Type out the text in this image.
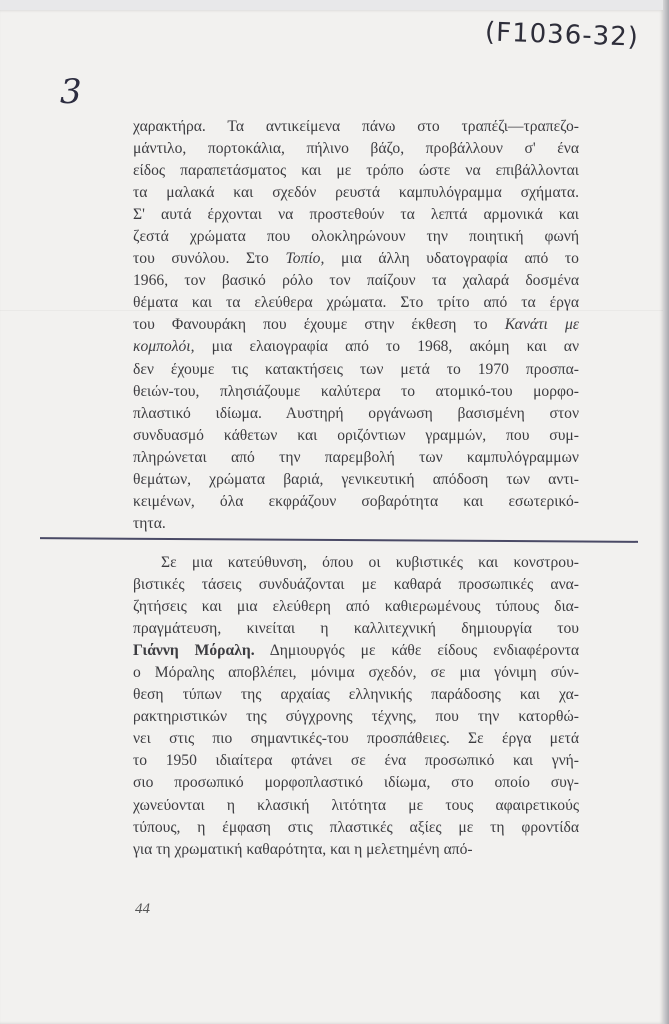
(F1036-32)
3
χαρακτήρα. Τα αντικείμενα πάνω στο τραπέζι—τραπεζο-
μάντιλο, πορτοκάλια, πήλινο βάζο, προβάλλουν σ' ένα
είδος παραπετάσματος και με τρόπο ώστε να επιβάλλονται
τα μαλακά και σχεδόν ρευστά καμπυλόγραμμα σχήματα.
Σ' αυτά έρχονται να προστεθούν τα λεπτά αρμονικά και
ζεστά χρώματα που ολοκληρώνουν την ποιητική φωνή
του συνόλου. Στο Τοπίο, μια άλλη υδατογραφία από το
1966, τον βασικό ρόλο τον παίζουν τα χαλαρά δοσμένα
θέματα και τα ελεύθερα χρώματα. Στο τρίτο από τα έργα
του Φανουράκη που έχουμε στην έκθεση το Κανάτι με
κομπολόι, μια ελαιογραφία από το 1968, ακόμη και αν
δεν έχουμε τις κατακτήσεις των μετά το 1970 προσπα-
θειών-του, πλησιάζουμε καλύτερα το ατομικό-του μορφο-
πλαστικό ιδίωμα. Αυστηρή οργάνωση βασισμένη στον
συνδυασμό κάθετων και οριζόντιων γραμμών, που συμ-
πληρώνεται από την παρεμβολή των καμπυλόγραμμων
θεμάτων, χρώματα βαριά, γενικευτική απόδοση των αντι-
κειμένων, όλα εκφράζουν σοβαρότητα και εσωτερικό-
τητα.
Σε μια κατεύθυνση, όπου οι κυβιστικές και κονστρου-
βιστικές τάσεις συνδυάζονται με καθαρά προσωπικές ανα-
ζητήσεις και μια ελεύθερη από καθιερωμένους τύπους δια-
πραγμάτευση, κινείται η καλλιτεχνική δημιουργία του
Γιάννη Μόραλη. Δημιουργός με κάθε είδους ενδιαφέροντα
ο Μόραλης αποβλέπει, μόνιμα σχεδόν, σε μια γόνιμη σύν-
θεση τύπων της αρχαίας ελληνικής παράδοσης και χα-
ρακτηριστικών της σύγχρονης τέχνης, που την κατορθώ-
νει στις πιο σημαντικές-του προσπάθειες. Σε έργα μετά
το 1950 ιδιαίτερα φτάνει σε ένα προσωπικό και γνή-
σιο προσωπικό μορφοπλαστικό ιδίωμα, στο οποίο συγ-
χωνεύονται η κλασική λιτότητα με τους αφαιρετικούς
τύπους, η έμφαση στις πλαστικές αξίες με τη φροντίδα
για τη χρωματική καθαρότητα, και η μελετημένη από-
44
